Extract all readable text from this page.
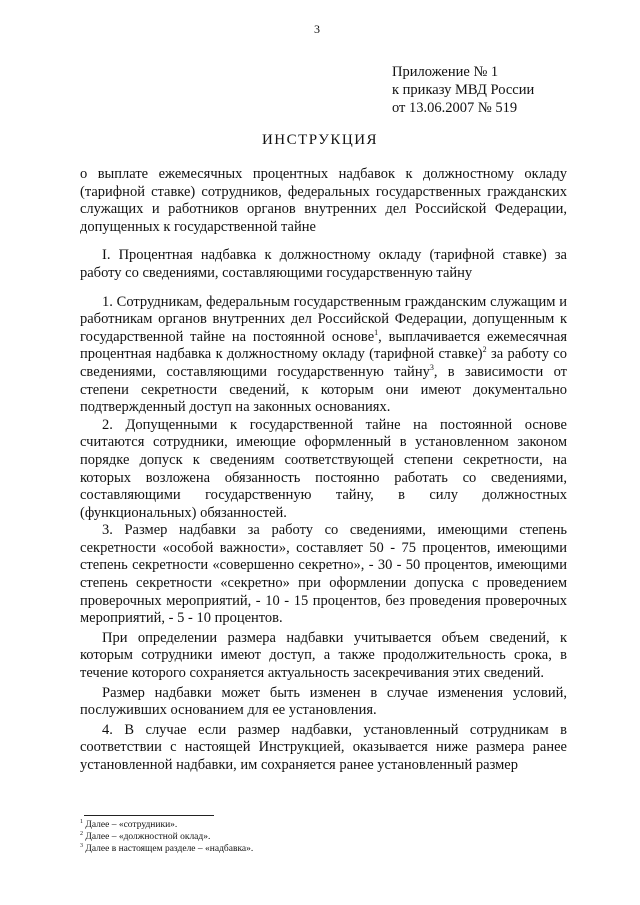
3
Приложение № 1
к приказу МВД России
от 13.06.2007 № 519
ИНСТРУКЦИЯ

о выплате ежемесячных процентных надбавок к должностному окладу (тарифной ставке) сотрудников, федеральных государственных гражданских служащих и работников органов внутренних дел Российской Федерации, допущенных к государственной тайне

I. Процентная надбавка к должностному окладу (тарифной ставке) за работу со сведениями, составляющими государственную тайну

1. Сотрудникам, федеральным государственным гражданским служащим и работникам органов внутренних дел Российской Федерации, допущенным к государственной тайне на постоянной основе$^1$, выплачивается ежемесячная процентная надбавка к должностному окладу (тарифной ставке)$^2$ за работу со сведениями, составляющими государственную тайну$^3$, в зависимости от степени секретности сведений, к которым они имеют документально подтвержденный доступ на законных основаниях.

2. Допущенными к государственной тайне на постоянной основе считаются сотрудники, имеющие оформленный в установленном законом порядке допуск к сведениям соответствующей степени секретности, на которых возложена обязанность постоянно работать со сведениями, составляющими государственную тайну, в силу должностных (функциональных) обязанностей.

3. Размер надбавки за работу со сведениями, имеющими степень секретности «особой важности», составляет 50 - 75 процентов, имеющими степень секретности «совершенно секретно», - 30 - 50 процентов, имеющими степень секретности «секретно» при оформлении допуска с проведением проверочных мероприятий, - 10 - 15 процентов, без проведения проверочных мероприятий, - 5 - 10 процентов.

При определении размера надбавки учитывается объем сведений, к которым сотрудники имеют доступ, а также продолжительность срока, в течение которого сохраняется актуальность засекречивания этих сведений.

Размер надбавки может быть изменен в случае изменения условий, послуживших основанием для ее установления.

4. В случае если размер надбавки, установленный сотрудникам в соответствии с настоящей Инструкцией, оказывается ниже размера ранее установленной надбавки, им сохраняется ранее установленный размер

$^1$ Далее – «сотрудники».
$^2$ Далее – «должностной оклад».
$^3$ Далее в настоящем разделе – «надбавка».
